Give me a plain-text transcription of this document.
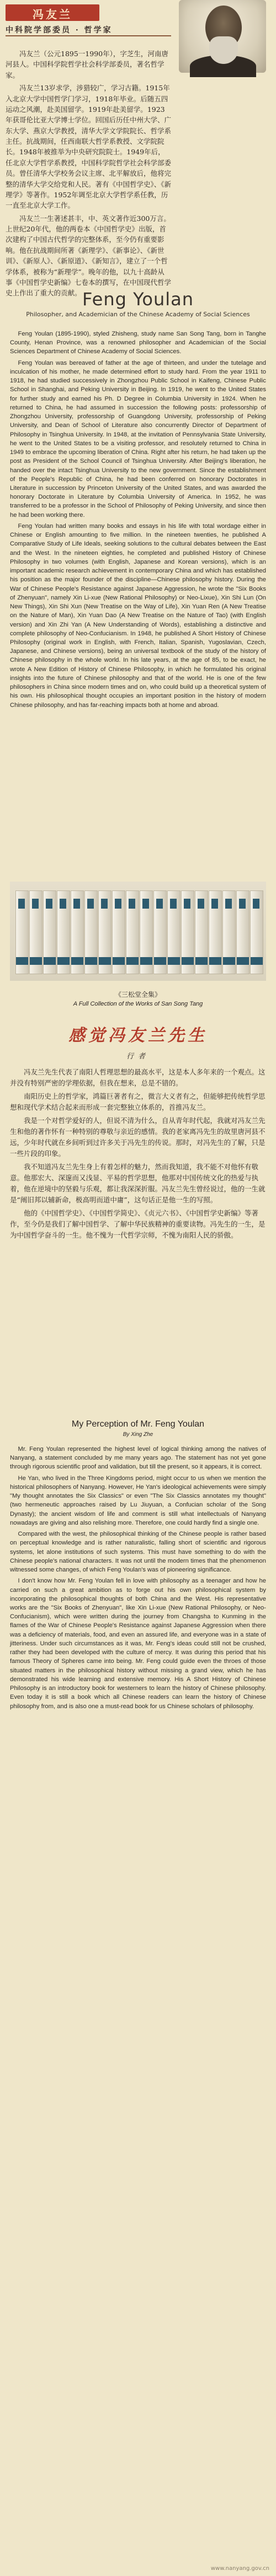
冯友兰
中科院学部委员 · 哲学家

冯友兰（公元1895一1990年），字芝生，河南唐河县人。中国科学院哲学社会科学部委员，著名哲学家。

冯友兰13岁求学，涉猎较广，学习古籍。1915年入北京大学中国哲学门学习，1918年毕业。后随五四运动之风潮，赴美国留学。1919年赴美留学。1923年获哥伦比亚大学博士学位。回国后历任中州大学、广东大学、燕京大学教授，清华大学文学院院长、哲学系主任。抗战期间，任西南联大哲学系教授、文学院院长。1948年被推举为中央研究院院士。1949年后，任北京大学哲学系教授，中国科学院哲学社会科学部委员。曾任清华大学校务会议主席、北平解放后，他将完整的清华大学交给党和人民。著有《中国哲学史》、《新理学》等著作。1952年调至北京大学哲学系任教，历一直至北京大学工作。

冯友兰一生著述甚丰，中、英文著作近300万言。上世纪20年代，他的两卷本《中国哲学史》出版，首次建构了中国古代哲学的完整体系，至今仍有重要影响。他在抗战期间所著《新理学》、《新事论》、《新世训》、《新原人》、《新原道》、《新知言》，建立了一个哲学体系，被称为“新理学”。晚年的他，以九十高龄从事《中国哲学史新编》七卷本的撰写，在中国现代哲学史上作出了重大的贡献。 Feng Youlan
Philosopher, and Academician of the Chinese Academy of Social Sciences

Feng Youlan (1895-1990), styled Zhisheng, study name San Song Tang, born in Tanghe County, Henan Province, was a renowned philosopher and Academician of the Social Sciences Department of Chinese Academy of Social Sciences.

Feng Youlan was bereaved of father at the age of thirteen, and under the tutelage and inculcation of his mother, he made determined effort to study hard. From the year 1911 to 1918, he had studied successively in Zhongzhou Public School in Kaifeng, Chinese Public School in Shanghai, and Peking University in Beijing. In 1919, he went to the United States for further study and earned his Ph. D Degree in Columbia University in 1924. When he returned to China, he had assumed in succession the following posts: professorship of Zhongzhou University, professorship of Guangdong University, professorship of Peking University, and Dean of School of Literature also concurrently Director of Department of Philosophy in Tsinghua University. In 1948, at the invitation of Pennsylvania State University, he went to the United States to be a visiting professor, and resolutely returned to China in 1949 to embrace the upcoming liberation of China. Right after his return, he had taken up the post as President of the School Council of Tsinghua University. After Beijing's liberation, he handed over the intact Tsinghua University to the new government. Since the establishment of the People's Republic of China, he had been conferred on honorary Doctorates in Literature in succession by Princeton University of the United States, and was awarded the honorary Doctorate in Literature by Columbia University of America. In 1952, he was transferred to be a professor in the School of Philosophy of Peking University, and since then he had been working there.

Feng Youlan had written many books and essays in his life with total wordage either in Chinese or English amounting to five million. In the nineteen twenties, he published A Comparative Study of Life Ideals, seeking solutions to the cultural debates between the East and the West. In the nineteen eighties, he completed and published History of Chinese Philosophy in two volumes (with English, Japanese and Korean versions), which is an important academic research achievement in contemporary China and which has established his position as the major founder of the discipline—Chinese philosophy history. During the War of Chinese People's Resistance against Japanese Aggression, he wrote the "Six Books of Zhenyuan", namely Xin Li-xue (New Rational Philosophy) or Neo-Lixue), Xin Shi Lun (On New Things), Xin Shi Xun (New Treatise on the Way of Life), Xin Yuan Ren (A New Treatise on the Nature of Man), Xin Yuan Dao (A New Treatise on the Nature of Tao) (with English version) and Xin Zhi Yan (A New Understanding of Words), establishing a distinctive and complete philosophy of Neo-Confucianism. In 1948, he published A Short History of Chinese Philosophy (original work in English, with French, Italian, Spanish, Yugoslavian, Czech, Japanese, and Chinese versions), being an universal textbook of the study of the history of Chinese philosophy in the whole world. In his late years, at the age of 85, to be exact, he wrote A New Edition of History of Chinese Philosophy, in which he formulated his original insights into the future of Chinese philosophy and that of the world. He is one of the few philosophers in China since modern times and on, who could build up a theoretical system of his own. His philosophical thought occupies an important position in the history of modern Chinese philosophy, and has far-reaching impacts both at home and abroad.

《三松堂全集》
A Full Collection of the Works of San Song Tang
感觉冯友兰先生
行者

冯友兰先生代表了南阳人哲理思想的最高水平，这是本人多年来的一个观点。这并没有特别严密的学理依据，但我在想来，总是不错的。

南阳历史上的哲学家，鸿篇巨著者有之，微言大义者有之，但能够把传统哲学思想和现代学术结合起来而形成一套完整独立体系的，首推冯友兰。

我是一个对哲学爱好的人，但说不清为什么，自从青年时代起，我就对冯友兰先生和他的著作怀有一种特别的尊敬与亲近的感情。我的老家离冯先生的故里唐河县不远，少年时代就在乡间听到过许多关于冯先生的传说。那时，对冯先生的了解，只是一些片段的印象。

我不知道冯友兰先生身上有着怎样的魅力，然而我知道，我不能不对他怀有敬意。他那宏大、深邃而又浅显、平易的哲学思想，他那对中国传统文化的热爱与执着，他在逆境中的坚毅与乐观，都让我深深折服。冯友兰先生曾经说过，他的一生就是“阐旧邦以辅新命，极高明而道中庸”，这句话正是他一生的写照。

他的《中国哲学史》、《中国哲学简史》、《贞元六书》、《中国哲学史新编》等著作，至今仍是我们了解中国哲学、了解中华民族精神的重要读物。冯先生的一生，是为中国哲学奋斗的一生。他不愧为一代哲学宗师，不愧为南阳人民的骄傲。

My Perception of Mr. Feng Youlan
By Xing Zhe

Mr. Feng Youlan represented the highest level of logical thinking among the natives of Nanyang, a statement concluded by me many years ago. The statement has not yet gone through rigorous scientific proof and validation, but till the present, so it appears, it is correct.

He Yan, who lived in the Three Kingdoms period, might occur to us when we mention the historical philosophers of Nanyang. However, He Yan's ideological achievements were simply "My thought annotates the Six Classics" or even "The Six Classics annotates my thought" (two hermeneutic approaches raised by Lu Jiuyuan, a Confucian scholar of the Song Dynasty); the ancient wisdom of life and comment is still what intellectuals of Nanyang nowadays are giving and also relishing more. Therefore, one could hardly find a single one.

Compared with the west, the philosophical thinking of the Chinese people is rather based on perceptual knowledge and is rather naturalistic, falling short of scientific and rigorous systems, let alone institutions of such systems. This must have something to do with the Chinese people's national characters. It was not until the modern times that the phenomenon witnessed some changes, of which Feng Youlan's was of pioneering significance.

I don't know how Mr. Feng Youlan fell in love with philosophy as a teenager and how he carried on such a great ambition as to forge out his own philosophical system by incorporating the philosophical thoughts of both China and the West. His representative works are the "Six Books of Zhenyuan", like Xin Li-xue (New Rational Philosophy, or Neo-Confucianism), which were written during the journey from Changsha to Kunming in the flames of the War of Chinese People's Resistance against Japanese Aggression when there was a deficiency of materials, food, and even an assured life, and everyone was in a state of jitteriness. Under such circumstances as it was, Mr. Feng's ideas could still not be crushed, rather they had been developed with the culture of mercy. It was during this period that his famous Theory of Spheres came into being. Mr. Feng could guide even the throes of those situated matters in the philosophical history without missing a grand view, which he has demonstrated his wide learning and extensive memory. His A Short History of Chinese Philosophy is an introductory book for westerners to learn the history of Chinese philosophy. Even today it is still a book which all Chinese readers can learn the history of Chinese philosophy from, and is also one a must-read book for us Chinese scholars of philosophy.

www.nanyang.gov.cn
